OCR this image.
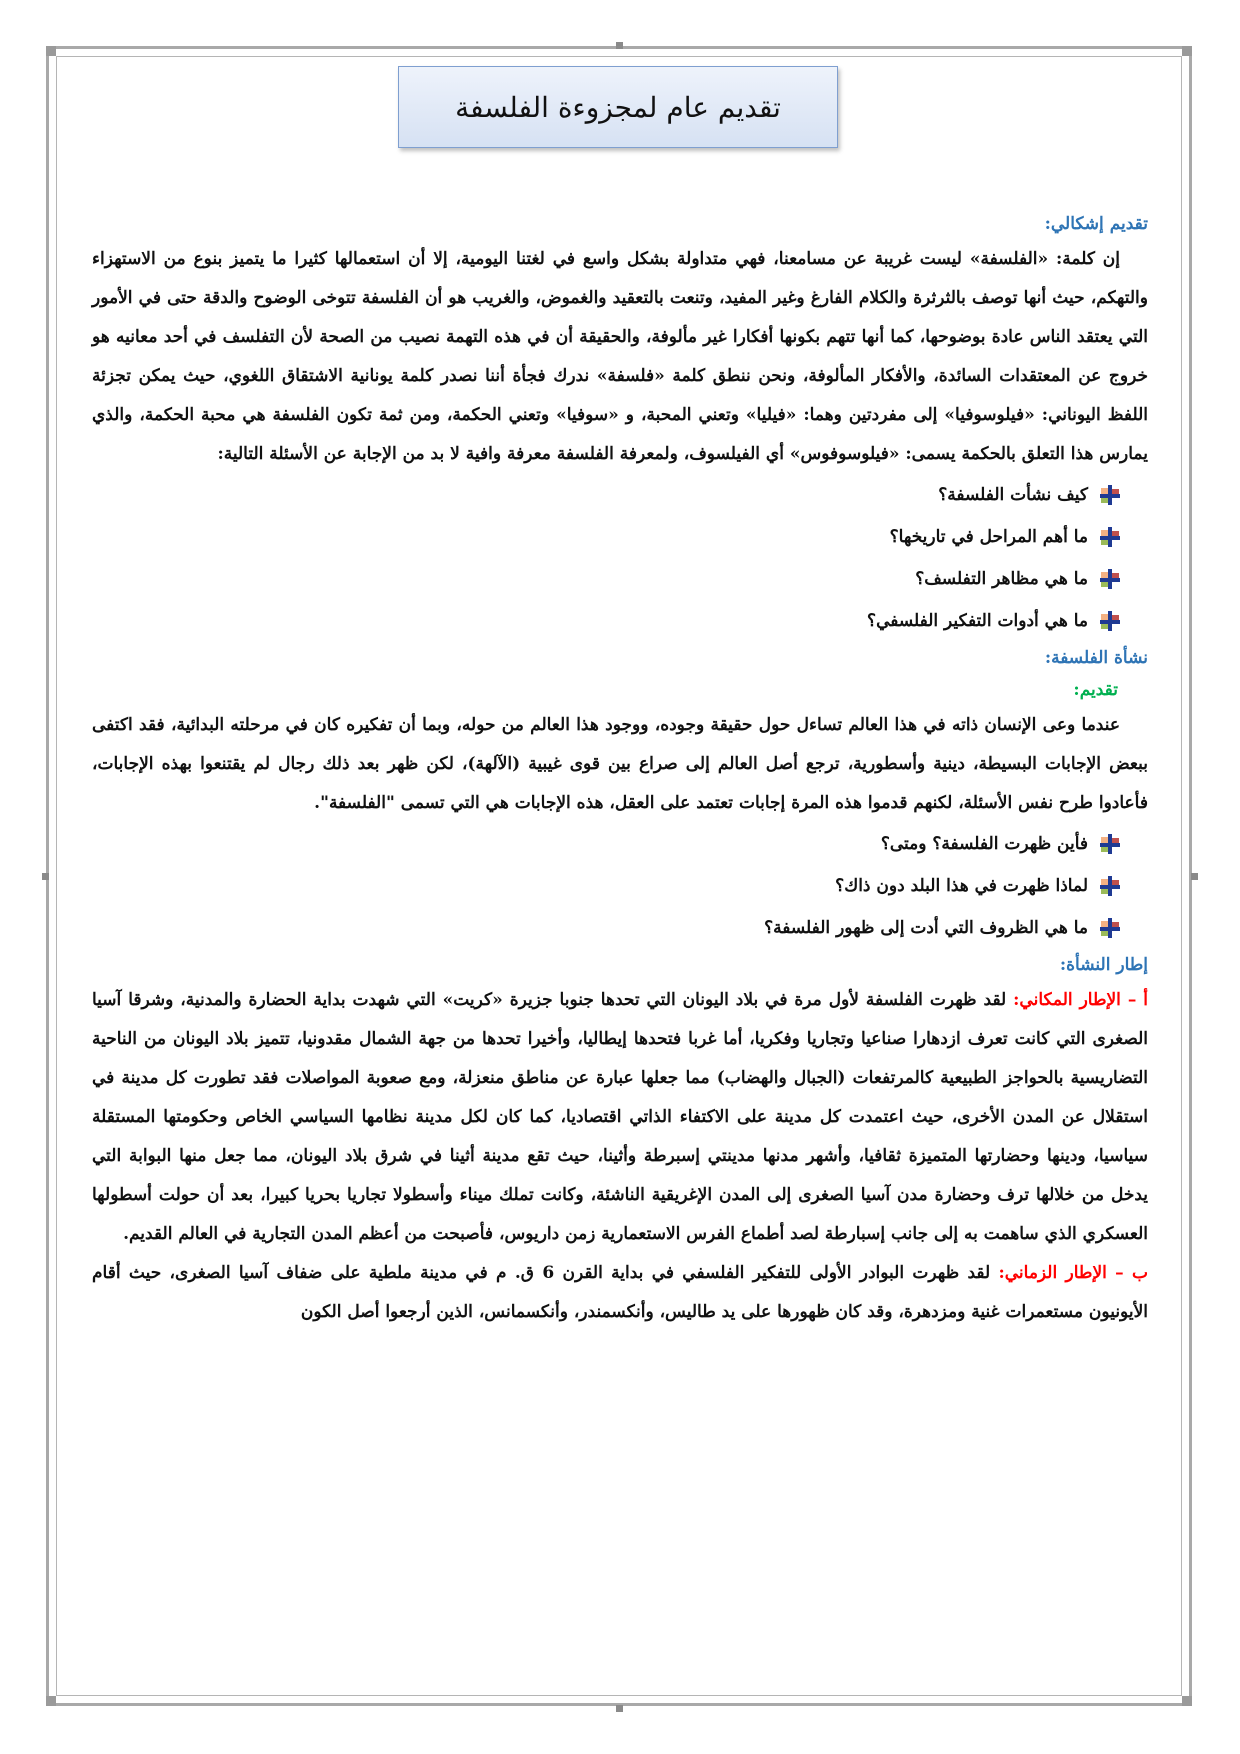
تقديم عام لمجزوءة الفلسفة
تقديم إشكالي:

إن كلمة: «الفلسفة» ليست غريبة عن مسامعنا، فهي متداولة بشكل واسع في لغتنا اليومية، إلا أن استعمالها كثيرا ما يتميز بنوع من الاستهزاء والتهكم، حيث أنها توصف بالثرثرة والكلام الفارغ وغير المفيد، وتنعت بالتعقيد والغموض، والغريب هو أن الفلسفة تتوخى الوضوح والدقة حتى في الأمور التي يعتقد الناس عادة بوضوحها، كما أنها تتهم بكونها أفكارا غير مألوفة، والحقيقة أن في هذه التهمة نصيب من الصحة لأن التفلسف في أحد معانيه هو خروج عن المعتقدات السائدة، والأفكار المألوفة، ونحن ننطق كلمة «فلسفة» ندرك فجأة أننا نصدر كلمة يونانية الاشتقاق اللغوي، حيث يمكن تجزئة اللفظ اليوناني: «فيلوسوفيا» إلى مفردتين وهما: «فيليا» وتعني المحبة، و «سوفيا» وتعني الحكمة، ومن ثمة تكون الفلسفة هي محبة الحكمة، والذي يمارس هذا التعلق بالحكمة يسمى: «فيلوسوفوس» أي الفيلسوف، ولمعرفة الفلسفة معرفة وافية لا بد من الإجابة عن الأسئلة التالية:

كيف نشأت الفلسفة؟
ما أهم المراحل في تاريخها؟
ما هي مظاهر التفلسف؟
ما هي أدوات التفكير الفلسفي؟
نشأة الفلسفة:
تقديم:

عندما وعى الإنسان ذاته في هذا العالم تساءل حول حقيقة وجوده، ووجود هذا العالم من حوله، وبما أن تفكيره كان في مرحلته البدائية، فقد اكتفى ببعض الإجابات البسيطة، دينية وأسطورية، ترجع أصل العالم إلى صراع بين قوى غيبية (الآلهة)، لكن ظهر بعد ذلك رجال لم يقتنعوا بهذه الإجابات، فأعادوا طرح نفس الأسئلة، لكنهم قدموا هذه المرة إجابات تعتمد على العقل، هذه الإجابات هي التي تسمى "الفلسفة".

فأين ظهرت الفلسفة؟ ومتى؟
لماذا ظهرت في هذا البلد دون ذاك؟
ما هي الظروف التي أدت إلى ظهور الفلسفة؟
إطار النشأة:

أ – الإطار المكاني: لقد ظهرت الفلسفة لأول مرة في بلاد اليونان التي تحدها جنوبا جزيرة «كريت» التي شهدت بداية الحضارة والمدنية، وشرقا آسيا الصغرى التي كانت تعرف ازدهارا صناعيا وتجاريا وفكريا، أما غربا فتحدها إيطاليا، وأخيرا تحدها من جهة الشمال مقدونيا، تتميز بلاد اليونان من الناحية التضاريسية بالحواجز الطبيعية كالمرتفعات (الجبال والهضاب) مما جعلها عبارة عن مناطق منعزلة، ومع صعوبة المواصلات فقد تطورت كل مدينة في استقلال عن المدن الأخرى، حيث اعتمدت كل مدينة على الاكتفاء الذاتي اقتصاديا، كما كان لكل مدينة نظامها السياسي الخاص وحكومتها المستقلة سياسيا، ودينها وحضارتها المتميزة ثقافيا، وأشهر مدنها مدينتي إسبرطة وأثينا، حيث تقع مدينة أثينا في شرق بلاد اليونان، مما جعل منها البوابة التي يدخل من خلالها ترف وحضارة مدن آسيا الصغرى إلى المدن الإغريقية الناشئة، وكانت تملك ميناء وأسطولا تجاريا بحريا كبيرا، بعد أن حولت أسطولها العسكري الذي ساهمت به إلى جانب إسبارطة لصد أطماع الفرس الاستعمارية زمن داريوس، فأصبحت من أعظم المدن التجارية في العالم القديم.

ب – الإطار الزماني: لقد ظهرت البوادر الأولى للتفكير الفلسفي في بداية القرن 6 ق. م في مدينة ملطية على ضفاف آسيا الصغرى، حيث أقام الأيونيون مستعمرات غنية ومزدهرة، وقد كان ظهورها على يد طاليس، وأنكسمندر، وأنكسمانس، الذين أرجعوا أصل الكون
